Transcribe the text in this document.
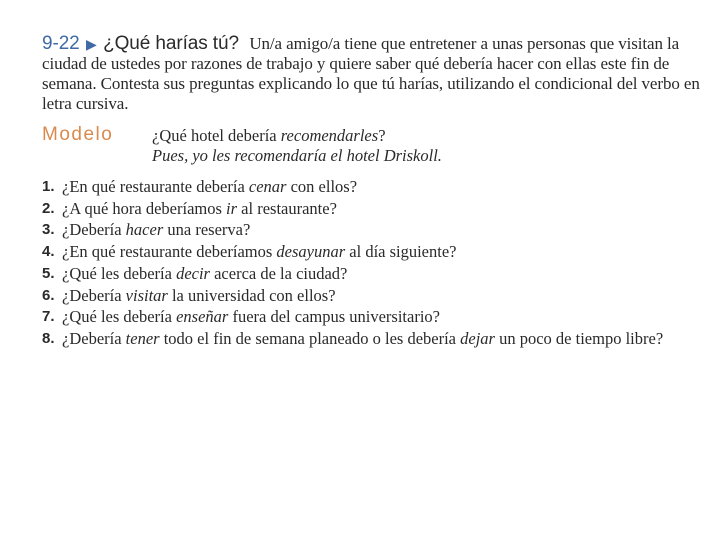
9-22 ▶ ¿Qué harías tú? Un/a amigo/a tiene que entretener a unas personas que visitan la ciudad de ustedes por razones de trabajo y quiere saber qué debería hacer con ellas este fin de semana. Contesta sus preguntas explicando lo que tú harías, utilizando el condicional del verbo en letra cursiva.

Modelo ¿Qué hotel debería recomendarles?
Pues, yo les recomendaría el hotel Driskoll.
1. ¿En qué restaurante debería cenar con ellos?
2. ¿A qué hora deberíamos ir al restaurante?
3. ¿Debería hacer una reserva?
4. ¿En qué restaurante deberíamos desayunar al día siguiente?
5. ¿Qué les debería decir acerca de la ciudad?
6. ¿Debería visitar la universidad con ellos?
7. ¿Qué les debería enseñar fuera del campus universitario?
8. ¿Debería tener todo el fin de semana planeado o les debería dejar un poco de tiempo libre?
